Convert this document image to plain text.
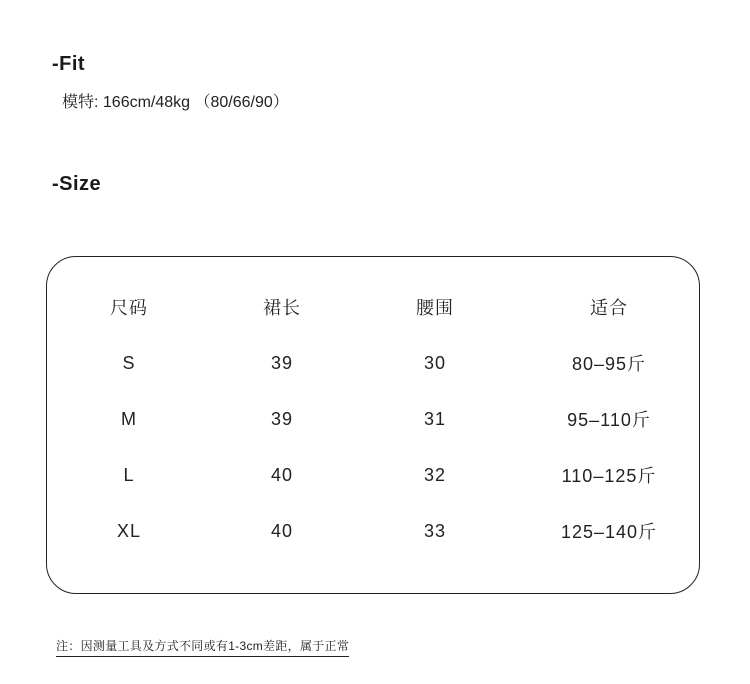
-Fit
模特: 166cm/48kg （80/66/90）
-Size
尺码	裙长	腰围	适合
S	39	30	80–95斤
M	39	31	95–110斤
L	40	32	110–125斤
XL	40	33	125–140斤
注：因测量工具及方式不同或有1-3cm差距，属于正常
